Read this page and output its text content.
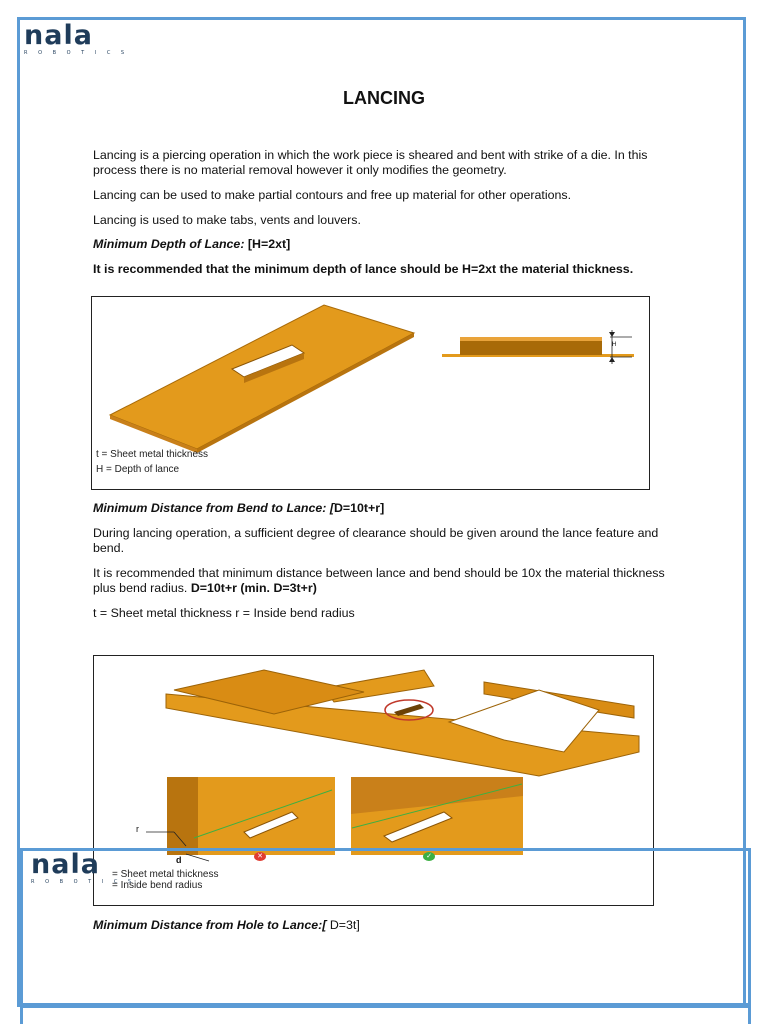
nala
R O B O T I C S
LANCING
Lancing is a piercing operation in which the work piece is sheared and bent with strike of a die. In this process there is no material removal however it only modifies the geometry.
Lancing can be used to make partial contours and free up material for other operations.
Lancing is used to make tabs, vents and louvers.
Minimum Depth of Lance: [H=2xt]
It is recommended that the minimum depth of lance should be H=2xt the material thickness.
H
t = Sheet metal thickness
H = Depth of lance
Minimum Distance from Bend to Lance: [D=10t+r]
During lancing operation, a sufficient degree of clearance should be given around the lance feature and bend.
It is recommended that minimum distance between lance and bend should be 10x the material thickness plus bend radius. D=10t+r (min. D=3t+r)
t = Sheet metal thickness r = Inside bend radius
r
d	✕	✓
= Sheet metal thickness
= Inside bend radius
nala
R O B O T I C S
Minimum Distance from Hole to Lance:[ D=3t]
